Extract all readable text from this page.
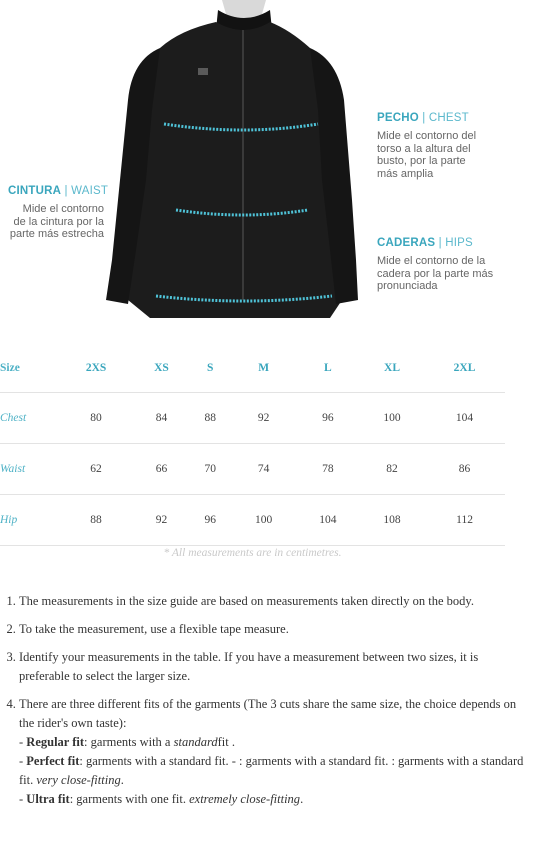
PECHO | CHEST
Mide el contorno del torso a la altura del busto, por la parte más amplia
CINTURA | WAIST
Mide el contorno de la cintura por la parte más estrecha
CADERAS | HIPS
Mide el contorno de la cadera por la parte más pronunciada
Size	2XS	XS	S	M	L	XL	2XL
Chest	80	84	88	92	96	100	104
Waist	62	66	70	74	78	82	86
Hip	88	92	96	100	104	108	112
* All measurements are in centimetres.
1. The measurements in the size guide are based on measurements taken directly on the body.
2. To take the measurement, use a flexible tape measure.
3. Identify your measurements in the table. If you have a measurement between two sizes, it is preferable to select the larger size.
4. There are three different fits of the garments (The 3 cuts share the same size, the choice depends on the rider's own taste):
- Regular fit: garments with a standardfit .
- Perfect fit: garments with a standard fit. - : garments with a standard fit. : garments with a standard fit. very close-fitting.
- Ultra fit: garments with one fit. extremely close-fitting.
